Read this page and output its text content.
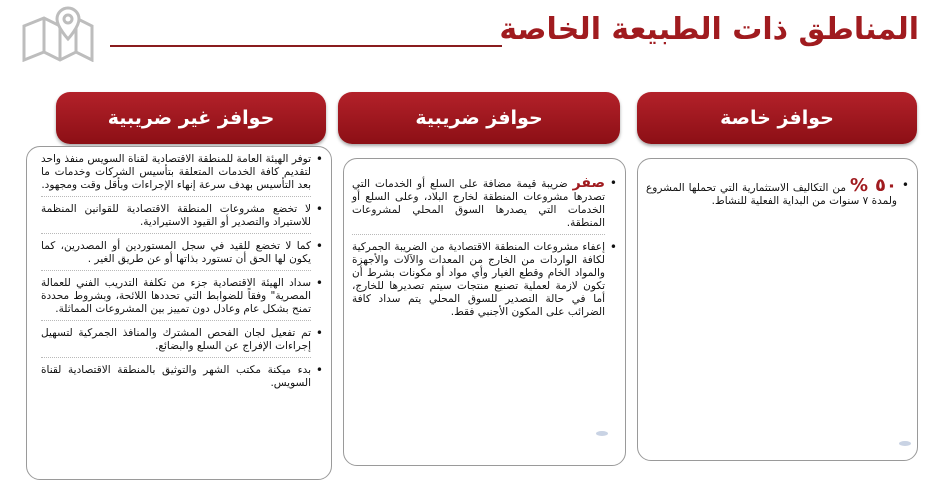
المناطق ذات الطبيعة الخاصة
حوافز خاصة
• ٥٠ % من التكاليف الاستثمارية التي تحملها المشروع ولمدة ٧ سنوات من البداية الفعلية للنشاط.
حوافز ضريبية
• صفر ضريبة قيمة مضافة على السلع أو الخدمات التي تصدرها مشروعات المنطقة لخارج البلاد، وعلى السلع أو الخدمات التي يصدرها السوق المحلي لمشروعات المنطقة.
• إعفاء مشروعات المنطقة الاقتصادية من الضريبة الجمركية لكافة الواردات من الخارج من المعدات والآلات والأجهزة والمواد الخام وقطع الغيار وأي مواد أو مكونات بشرط أن تكون لازمة لعملية تصنيع منتجات سيتم تصديرها للخارج، أما في حالة التصدير للسوق المحلي يتم سداد كافة الضرائب على المكون الأجنبي فقط.
حوافز غير ضريبية
• توفر الهيئة العامة للمنطقة الاقتصادية لقناة السويس منفذ واحد لتقديم كافة الخدمات المتعلقة بتأسيس الشركات وخدمات ما بعد التأسيس بهدف سرعة إنهاء الإجراءات وبأقل وقت ومجهود.
• لا تخضع مشروعات المنطقة الاقتصادية للقوانين المنظمة للاستيراد والتصدير أو القيود الاستيرادية.
• كما لا تخضع للقيد في سجل المستوردين أو المصدرين، كما يكون لها الحق أن تستورد بذاتها أو عن طريق الغير .
• سداد الهيئة الاقتصادية جزء من تكلفة التدريب الفني للعمالة المصرية" وفقاً للضوابط التي تحددها اللائحة، وبشروط محددة تمنح بشكل عام وعادل دون تمييز بين المشروعات المماثلة.
• تم تفعيل لجان الفحص المشترك والمنافذ الجمركية لتسهيل إجراءات الإفراج عن السلع والبضائع.
• بدء ميكنة مكتب الشهر والتوثيق بالمنطقة الاقتصادية لقناة السويس.
